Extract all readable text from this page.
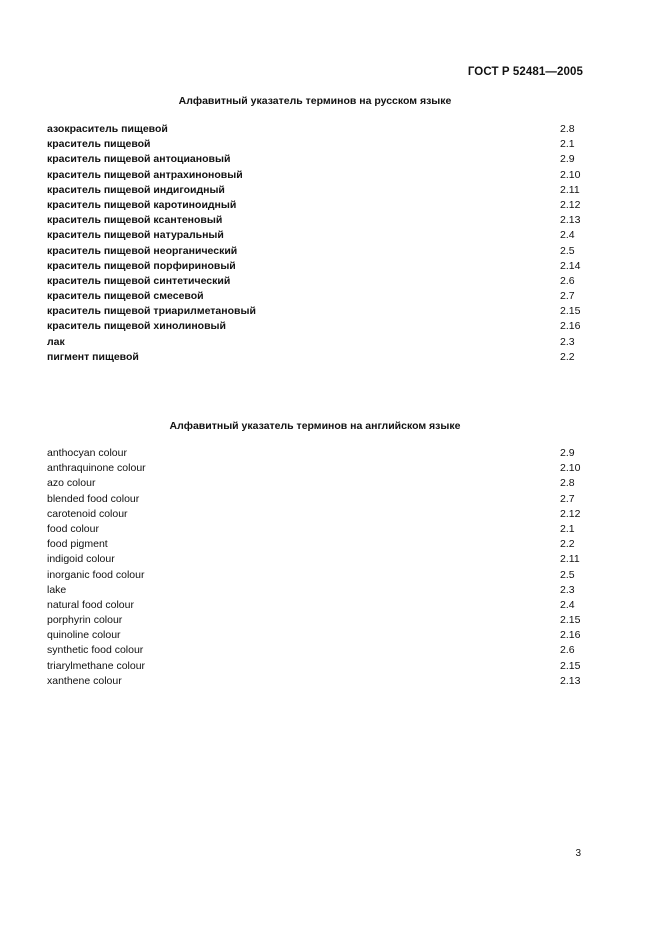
ГОСТ Р 52481—2005
Алфавитный указатель терминов на русском языке
азокраситель пищевой	2.8
краситель пищевой	2.1
краситель пищевой антоциановый	2.9
краситель пищевой антрахиноновый	2.10
краситель пищевой индигоидный	2.11
краситель пищевой каротиноидный	2.12
краситель пищевой ксантеновый	2.13
краситель пищевой натуральный	2.4
краситель пищевой неорганический	2.5
краситель пищевой порфириновый	2.14
краситель пищевой синтетический	2.6
краситель пищевой смесевой	2.7
краситель пищевой триарилметановый	2.15
краситель пищевой хинолиновый	2.16
лак	2.3
пигмент пищевой	2.2
Алфавитный указатель терминов на английском языке
anthocyan colour	2.9
anthraquinone colour	2.10
azo colour	2.8
blended food colour	2.7
carotenoid colour	2.12
food colour	2.1
food pigment	2.2
indigoid colour	2.11
inorganic food colour	2.5
lake	2.3
natural food colour	2.4
porphyrin colour	2.15
quinoline colour	2.16
synthetic food colour	2.6
triarylmethane colour	2.15
xanthene colour	2.13
3
